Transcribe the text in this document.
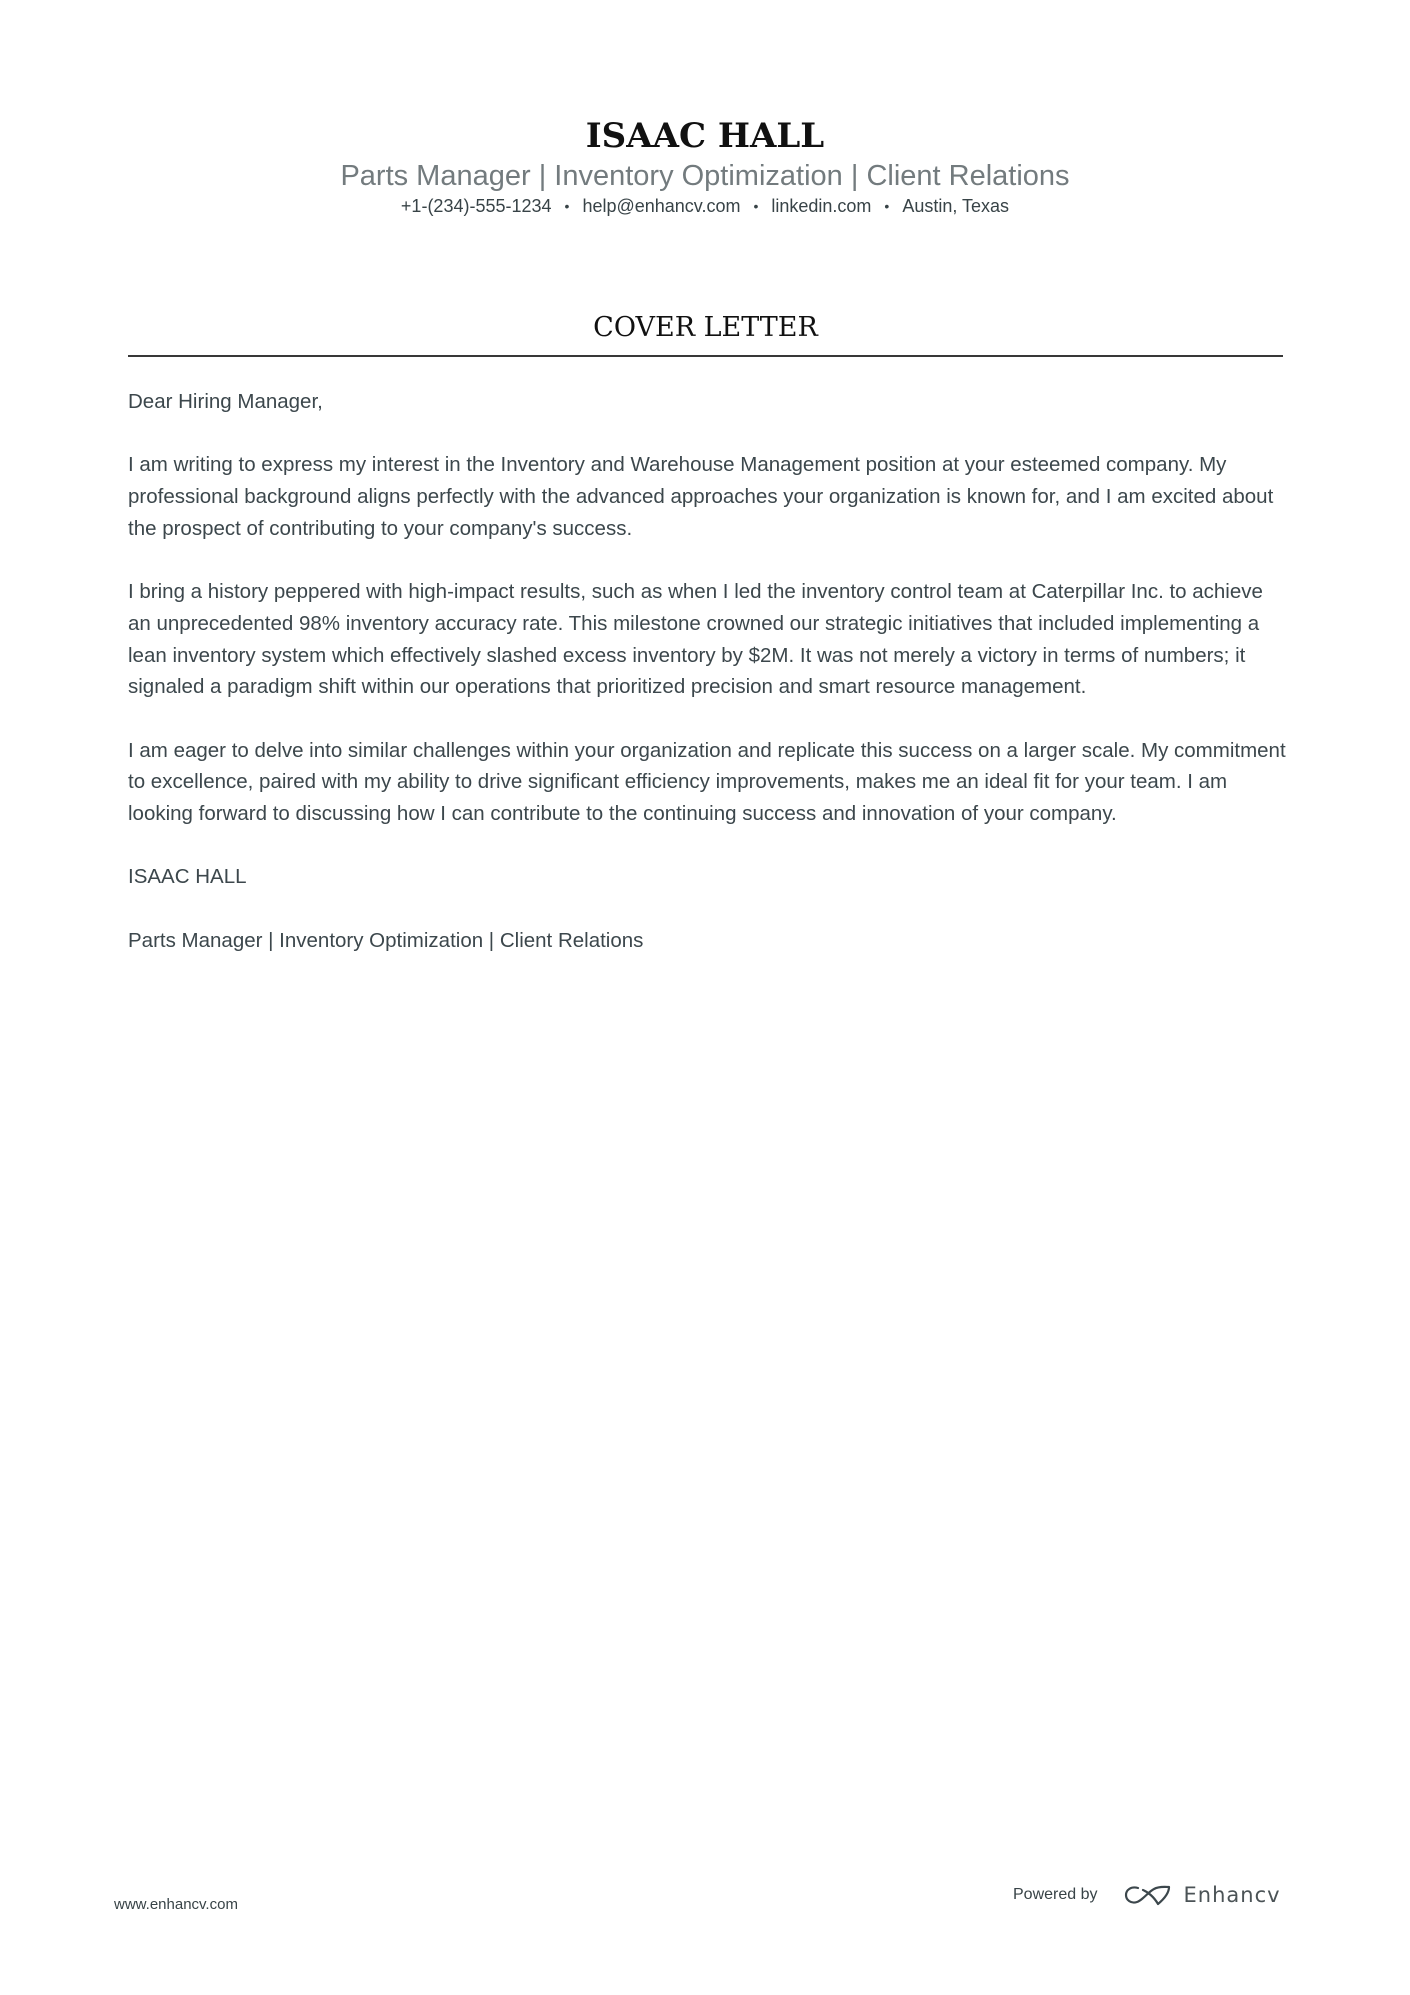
ISAAC HALL
Parts Manager | Inventory Optimization | Client Relations
+1-(234)-555-1234 • help@enhancv.com • linkedin.com • Austin, Texas
COVER LETTER

Dear Hiring Manager,

I am writing to express my interest in the Inventory and Warehouse Management position at your esteemed company. My professional background aligns perfectly with the advanced approaches your organization is known for, and I am excited about the prospect of contributing to your company's success.

I bring a history peppered with high-impact results, such as when I led the inventory control team at Caterpillar Inc. to achieve an unprecedented 98% inventory accuracy rate. This milestone crowned our strategic initiatives that included implementing a lean inventory system which effectively slashed excess inventory by $2M. It was not merely a victory in terms of numbers; it signaled a paradigm shift within our operations that prioritized precision and smart resource management.

I am eager to delve into similar challenges within your organization and replicate this success on a larger scale. My commitment to excellence, paired with my ability to drive significant efficiency improvements, makes me an ideal fit for your team. I am looking forward to discussing how I can contribute to the continuing success and innovation of your company.

ISAAC HALL

Parts Manager | Inventory Optimization | Client Relations

www.enhancv.com
Powered by	Enhancv
